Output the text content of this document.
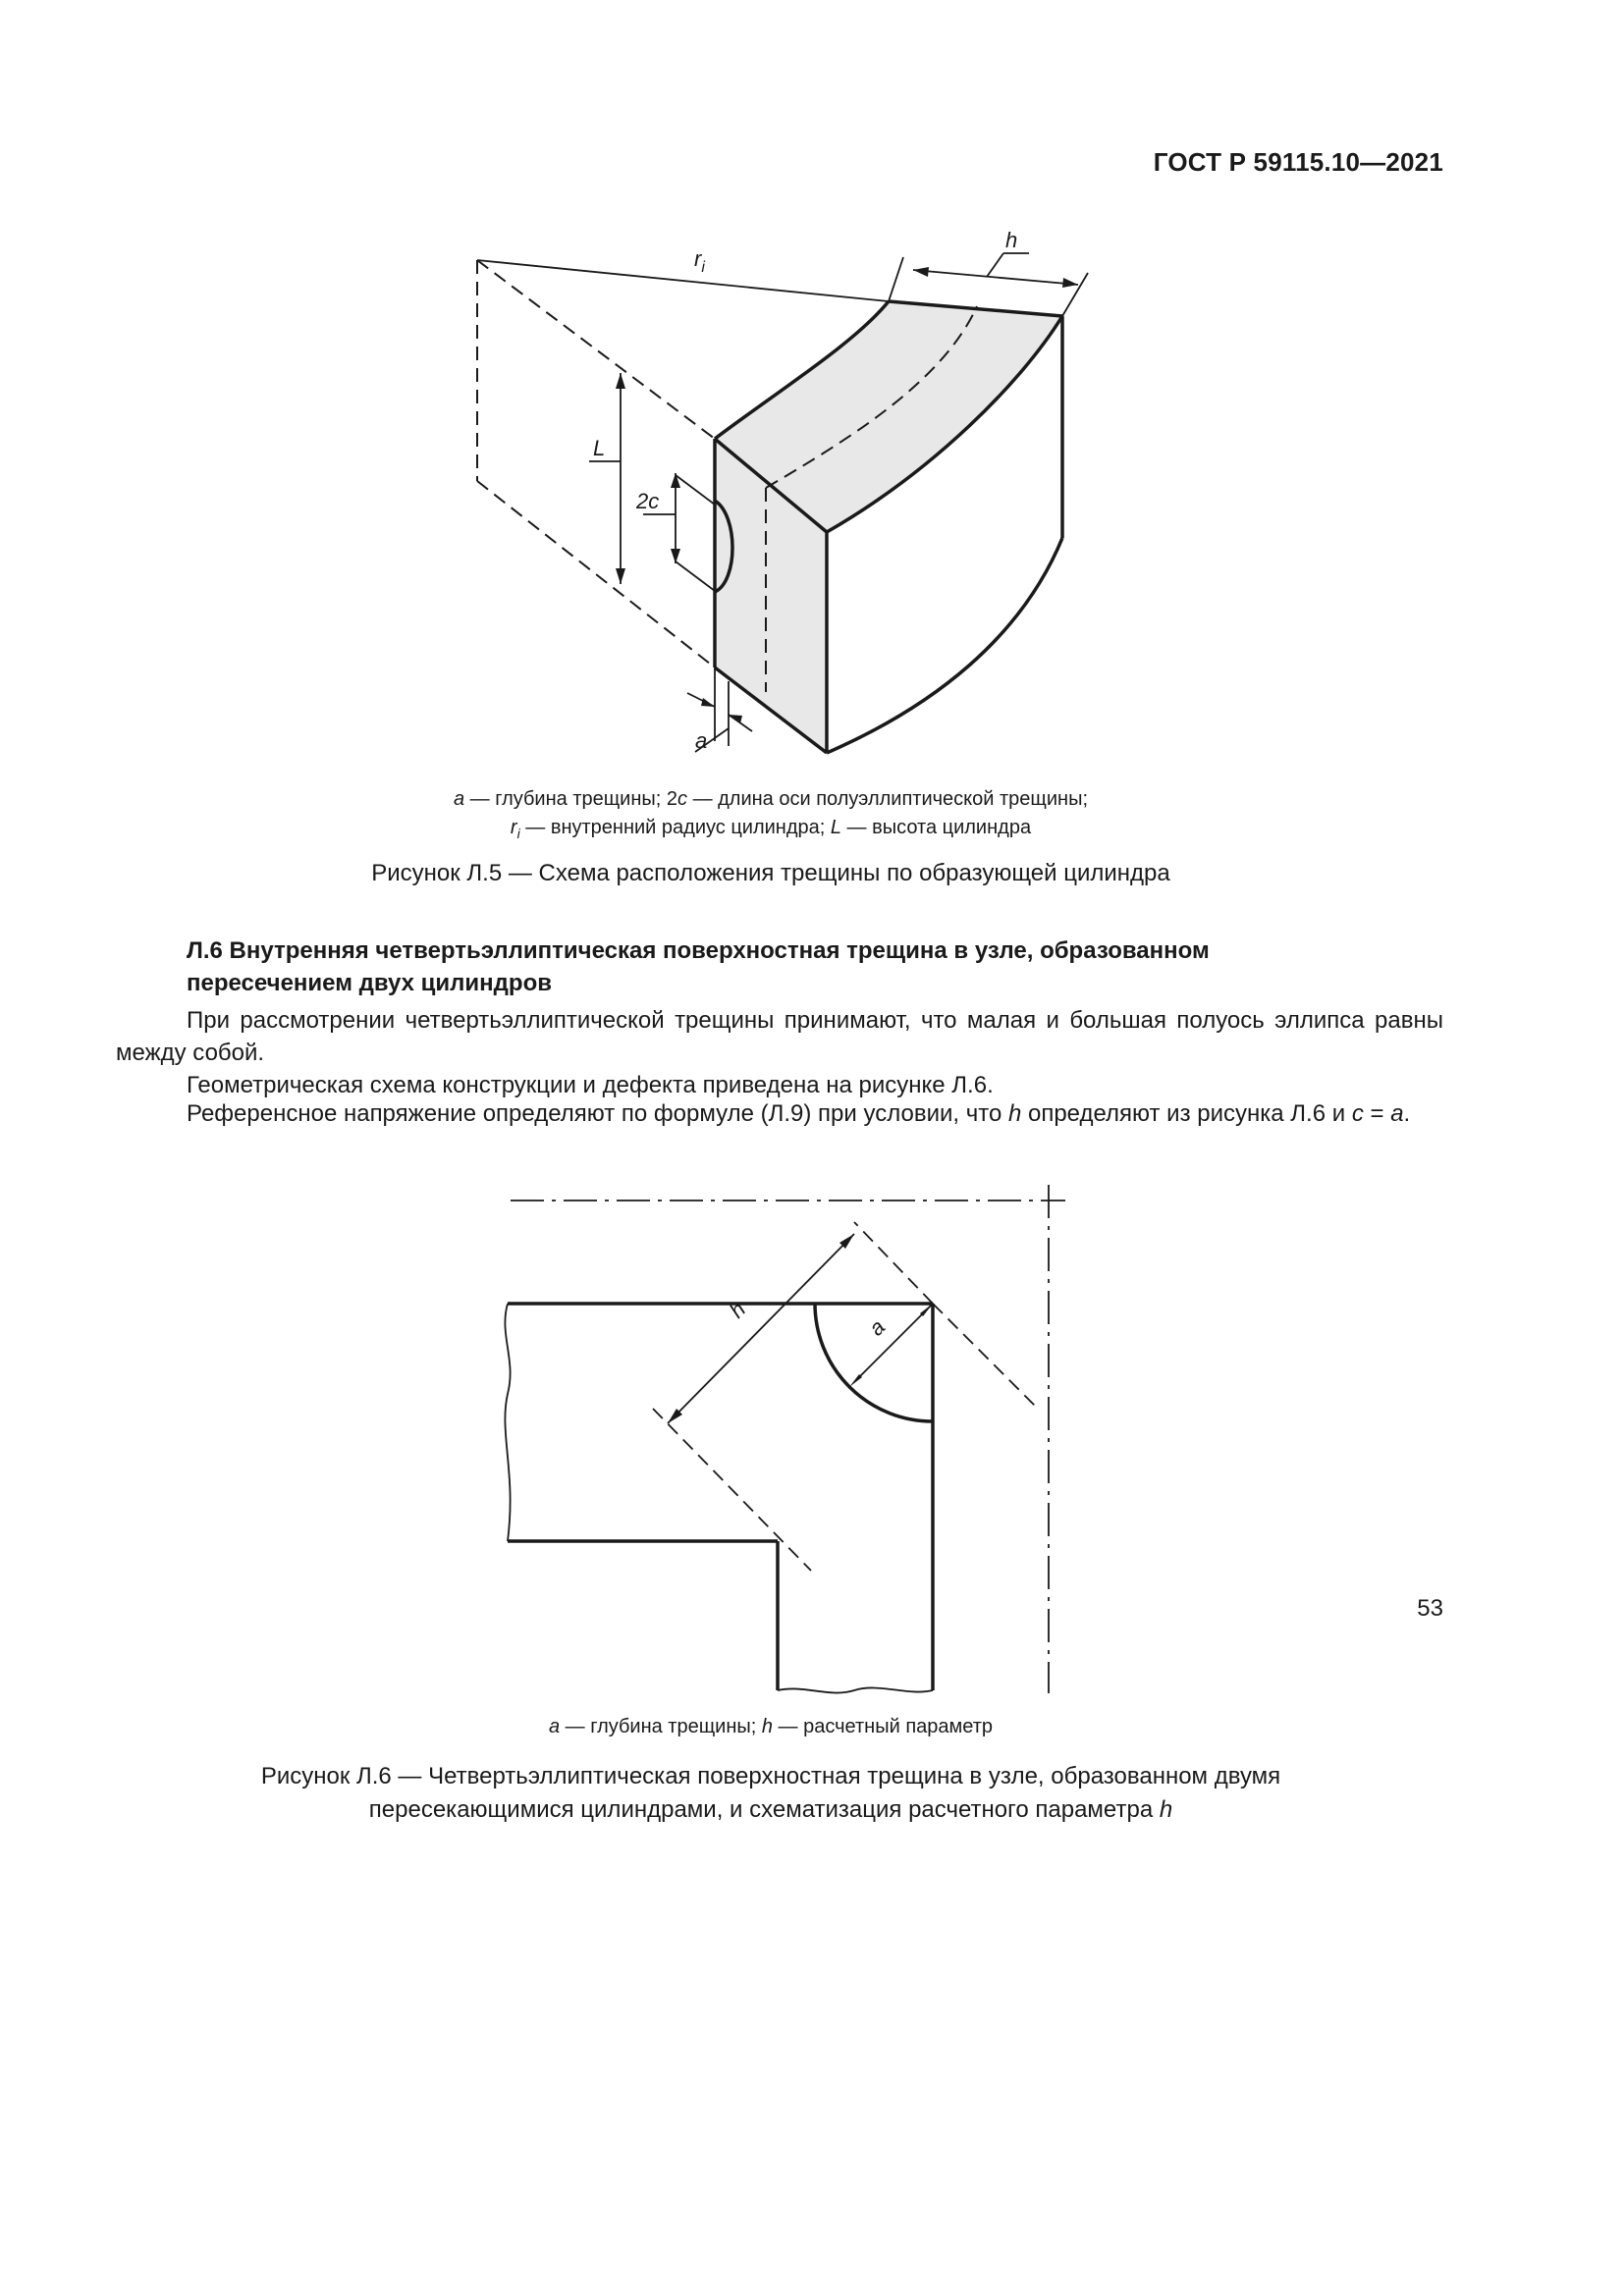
ГОСТ Р 59115.10—2021
$r_i$
h
L
2c
a
a — глубина трещины; 2c — длина оси полуэллиптической трещины;
$r_i$ — внутренний радиус цилиндра; L — высота цилиндра
Рисунок Л.5 — Схема расположения трещины по образующей цилиндра
Л.6 Внутренняя четвертьэллиптическая поверхностная трещина в узле, образованном
пересечением двух цилиндров
При рассмотрении четвертьэллиптической трещины принимают, что малая и большая полуось эллипса равны между собой.
Геометрическая схема конструкции и дефекта приведена на рисунке Л.6.
Референсное напряжение определяют по формуле (Л.9) при условии, что h определяют из рисунка Л.6 и c = a.
h
a
a — глубина трещины; h — расчетный параметр
Рисунок Л.6 — Четвертьэллиптическая поверхностная трещина в узле, образованном двумя
пересекающимися цилиндрами, и схематизация расчетного параметра h
53
